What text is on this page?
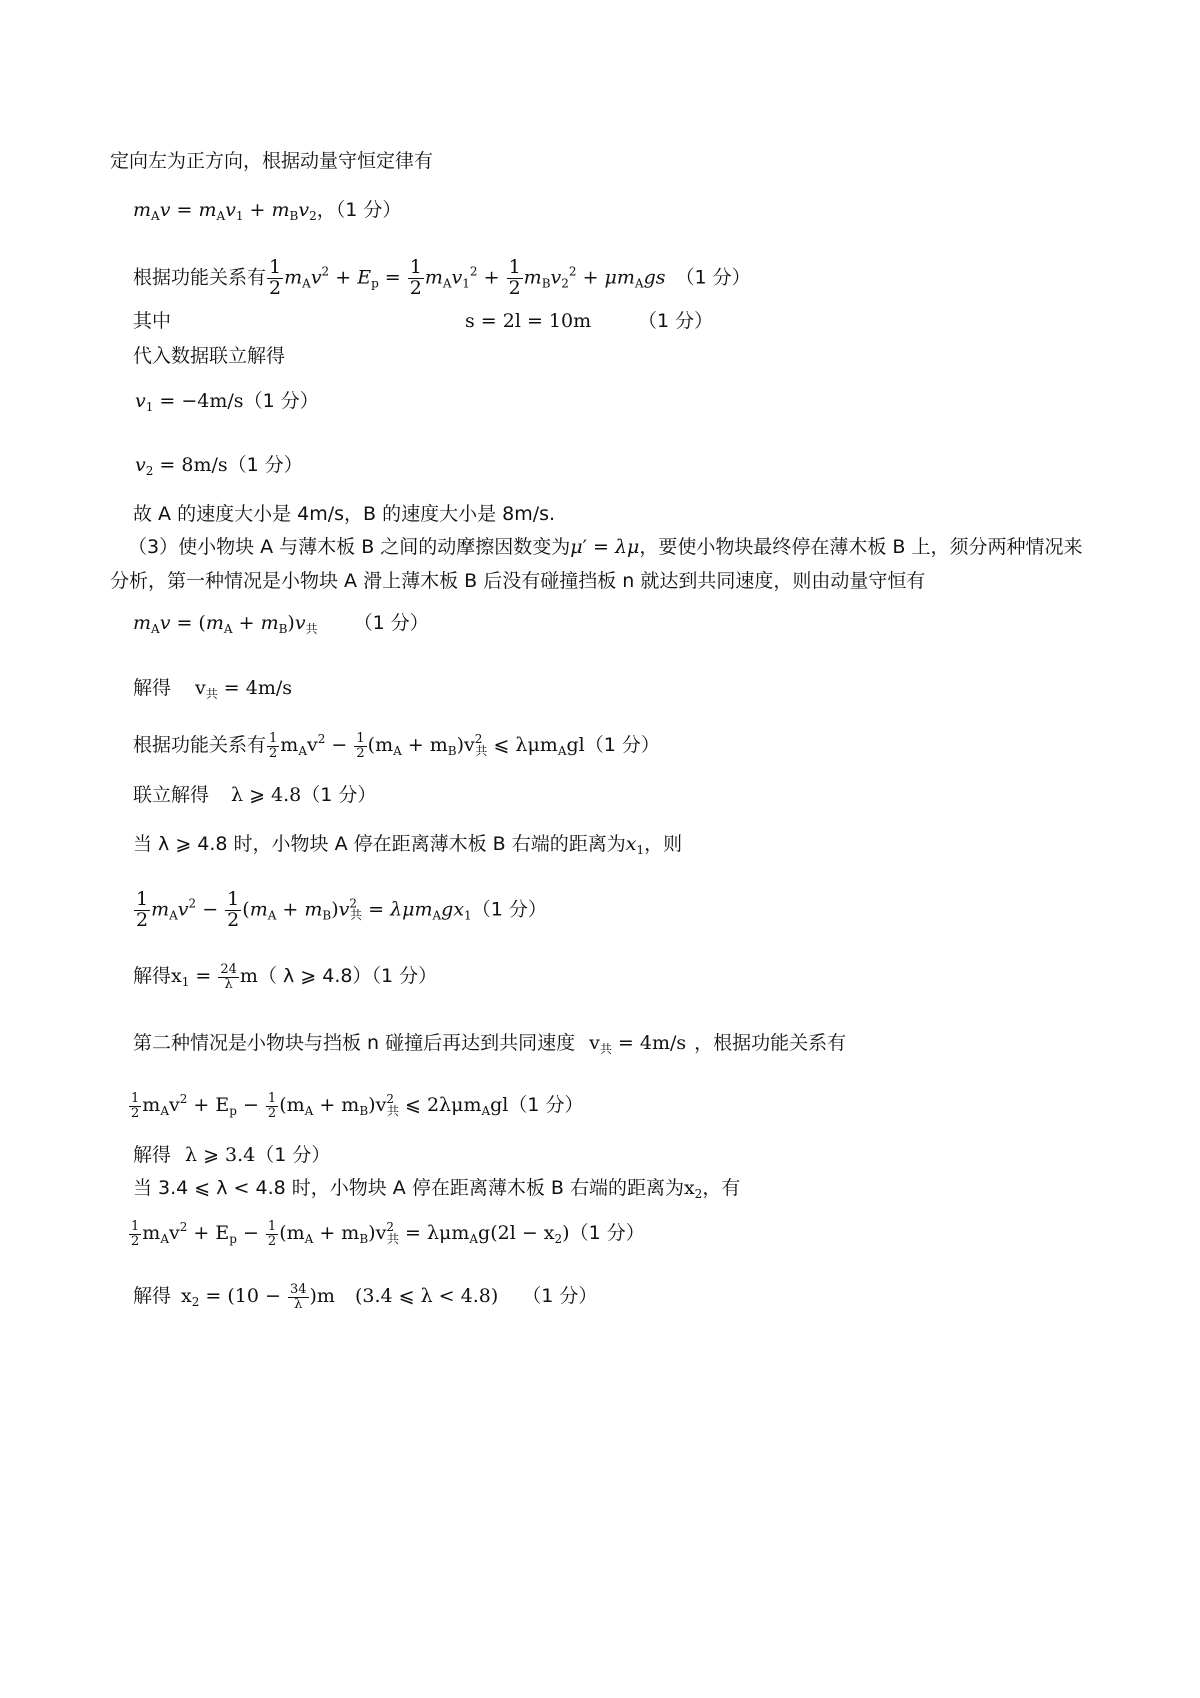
定向左为正方向，根据动量守恒定律有
$m_Av = m_Av_1 + m_Bv_2$，（1 分）
根据功能关系有 $\frac{1}{2} m_Av^2 + E_p = \frac{1}{2} m_Av_1^2 + \frac{1}{2} m_Bv_2^2 + \mu m_Ags$ （1 分）
其中	s = 2l = 10m （1 分）
代入数据联立解得
$v_1 = -4m/s(1$ 分）
$v_2 = 8m/s(1$ 分）
故 A 的速度大小是 4m/s，B 的速度大小是 8m/s.
（3）使小物块 A 与薄木板 B 之间的动摩擦因数变为μ′ = λμ，要使小物块最终停在薄木板 B 上，须分两种情况来分析，第一种情况是小物块 A 滑上薄木板 B 后没有碰撞挡板 n 就达到共同速度，则由动量守恒有
$m_Av = (m_A + m_B)v_共$ （1 分）
解得 $v_共 = 4m/s$
根据功能关系有 $\frac{1}{2} m_Av^2 - \frac{1}{2} (m_A + m_B)v^2_共$ ⩽ λμm$_A$gl（1 分）
联立解得 λ ⩾ 4.8（1 分）
当 λ ⩾ 4.8 时，小物块 A 停在距离薄木板 B 右端的距离为$x_1$，则
$\frac{1}{2} m_Av^2 - \frac{1}{2} (m_A + m_B)v^2_共 = \lambda\mu m_Agx_1(1$ 分）
解得$x_1 = \frac{24}{\lambda} m$（ λ ⩾ 4.8）（1 分）
第二种情况是小物块与挡板 n 碰撞后再达到共同速度 $v_共 = 4m/s$ ，根据功能关系有
$\frac{1}{2} m_Av^2 + E_p - \frac{1}{2} (m_A + m_B)v^2_共$ ⩽ 2λμm$_A$gl（1 分）
解得 λ ⩾ 3.4（1 分）
当 3.4 ⩽ λ < 4.8 时，小物块 A 停在距离薄木板 B 右端的距离为$x_2$，有
$\frac{1}{2} m_Av^2 + E_p - \frac{1}{2} (m_A + m_B)v^2_共 = \lambda\mu m_Ag(2l - x_2)(1$ 分）
解得 $x_2 = (10 - \frac{34}{\lambda} )m$ (3.4 ⩽ λ < 4.8) （1 分）
